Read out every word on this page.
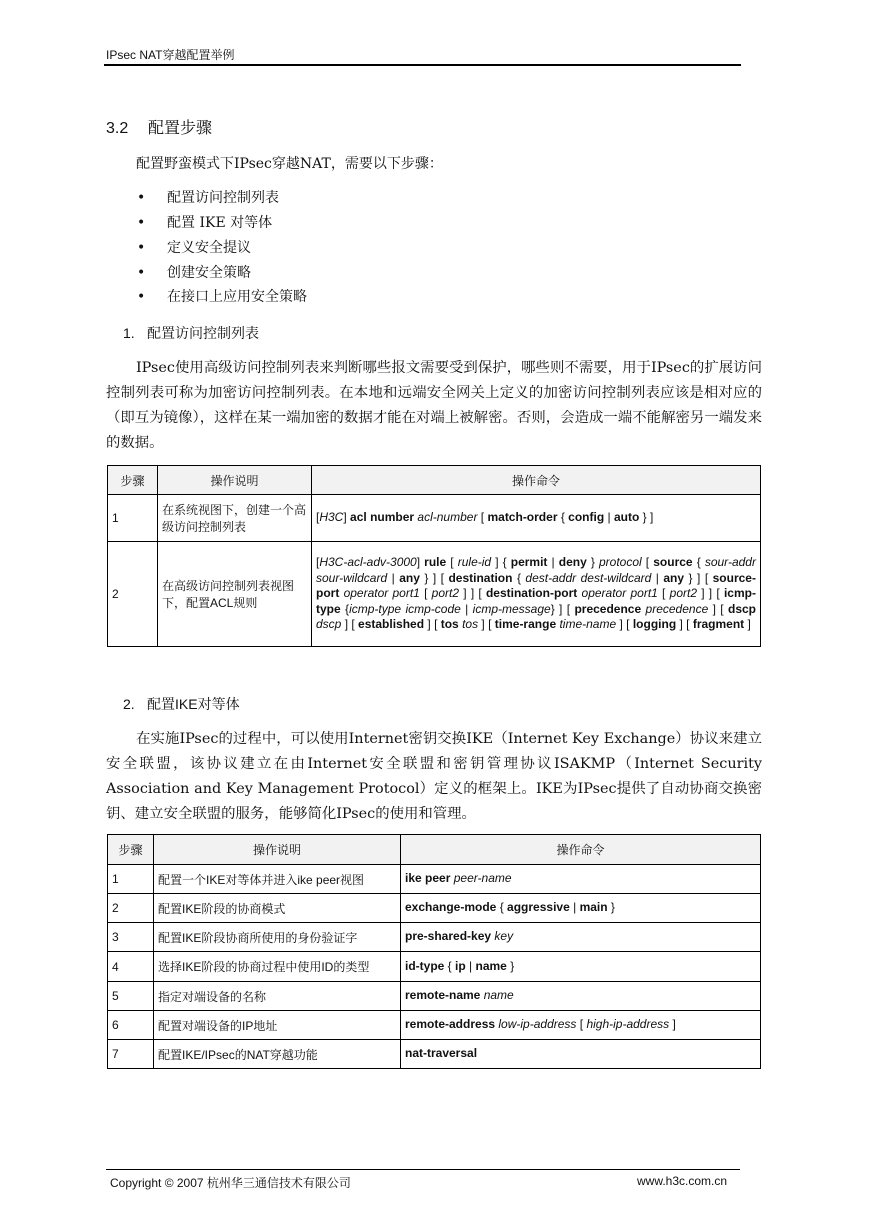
IPsec NAT穿越配置举例
3.2 配置步骤
配置野蛮模式下IPsec穿越NAT，需要以下步骤：
• 配置访问控制列表
• 配置 IKE 对等体
• 定义安全提议
• 创建安全策略
• 在接口上应用安全策略
1. 配置访问控制列表
IPsec使用高级访问控制列表来判断哪些报文需要受到保护，哪些则不需要，用于IPsec的扩展访问控制列表可称为加密访问控制列表。在本地和远端安全网关上定义的加密访问控制列表应该是相对应的（即互为镜像），这样在某一端加密的数据才能在对端上被解密。否则，会造成一端不能解密另一端发来的数据。
步骤	操作说明	操作命令
1	在系统视图下，创建一个高级访问控制列表	[H3C] acl number acl-number [ match-order { config | auto } ]
2	在高级访问控制列表视图下，配置ACL规则	[H3C-acl-adv-3000] rule [ rule-id ] { permit | deny } protocol [ source { sour-addr sour-wildcard | any } ] [ destination { dest-addr dest-wildcard | any } ] [ source-port operator port1 [ port2 ] ] [ destination-port operator port1 [ port2 ] ] [ icmp-type {icmp-type icmp-code | icmp-message} ] [ precedence precedence ] [ dscp dscp ] [ established ] [ tos tos ] [ time-range time-name ] [ logging ] [ fragment ]
2. 配置IKE对等体
在实施IPsec的过程中，可以使用Internet密钥交换IKE（Internet Key Exchange）协议来建立安全联盟，该协议建立在由Internet安全联盟和密钥管理协议ISAKMP（Internet Security Association and Key Management Protocol）定义的框架上。IKE为IPsec提供了自动协商交换密钥、建立安全联盟的服务，能够简化IPsec的使用和管理。
步骤	操作说明	操作命令
1	配置一个IKE对等体并进入ike peer视图	ike peer peer-name
2	配置IKE阶段的协商模式	exchange-mode { aggressive | main }
3	配置IKE阶段协商所使用的身份验证字	pre-shared-key key
4	选择IKE阶段的协商过程中使用ID的类型	id-type { ip | name }
5	指定对端设备的名称	remote-name name
6	配置对端设备的IP地址	remote-address low-ip-address [ high-ip-address ]
7	配置IKE/IPsec的NAT穿越功能	nat-traversal
Copyright © 2007 杭州华三通信技术有限公司	www.h3c.com.cn
